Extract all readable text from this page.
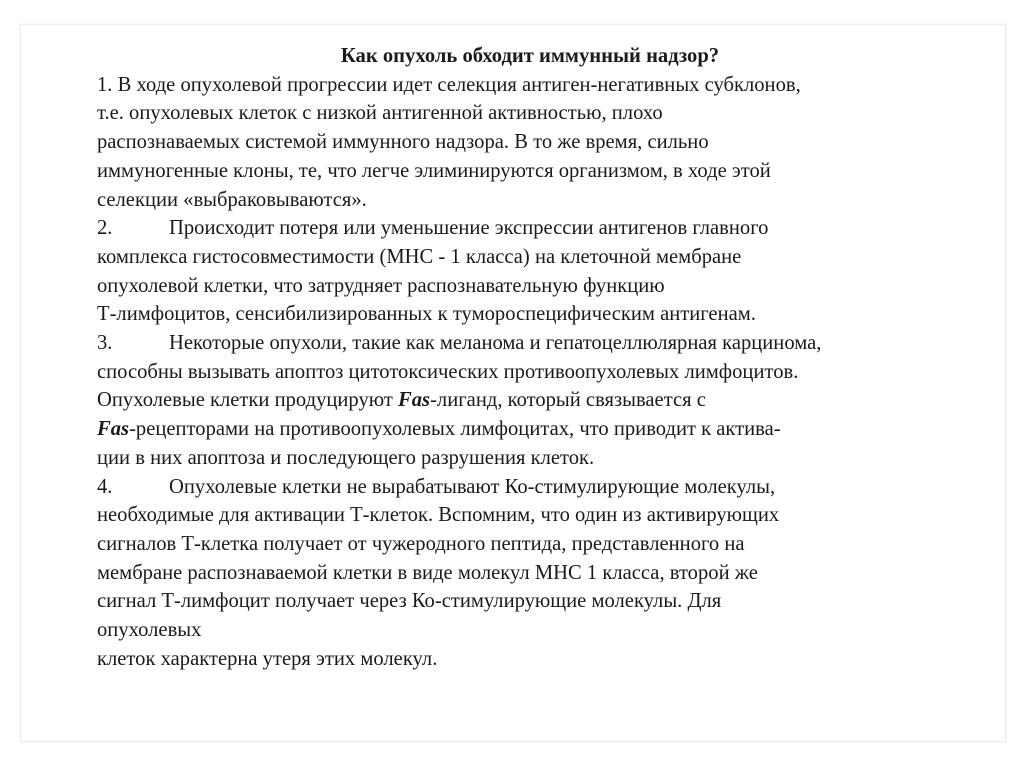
Как опухоль обходит иммунный надзор?
1. В ходе опухолевой прогрессии идет селекция антиген-негативных субклонов,
т.е. опухолевых клеток с низкой антигенной активностью, плохо
распознаваемых системой иммунного надзора. В то же время, сильно
иммуногенные клоны, те, что легче элиминируются организмом, в ходе этой
селекции «выбраковываются».
2.	Происходит потеря или уменьшение экспрессии антигенов главного
комплекса гистосовместимости (МНС - 1 класса) на клеточной мембране
опухолевой клетки, что затрудняет распознавательную функцию
Т-лимфоцитов, сенсибилизированных к тумороспецифическим антигенам.
3.	Некоторые опухоли, такие как меланома и гепатоцеллюлярная карцинома,
способны вызывать апоптоз цитотоксических противоопухолевых лимфоцитов.
Опухолевые клетки продуцируют Fas-лиганд, который связывается с
Fas-рецепторами на противоопухолевых лимфоцитах, что приводит к актива-
ции в них апоптоза и последующего разрушения клеток.
4.	Опухолевые клетки не вырабатывают Ко-стимулирующие молекулы,
необходимые для активации Т-клеток. Вспомним, что один из активирующих
сигналов Т-клетка получает от чужеродного пептида, представленного на
мембране распознаваемой клетки в виде молекул МНС 1 класса, второй же
сигнал Т-лимфоцит получает через Ко-стимулирующие молекулы. Для
опухолевых
клеток характерна утеря этих молекул.
